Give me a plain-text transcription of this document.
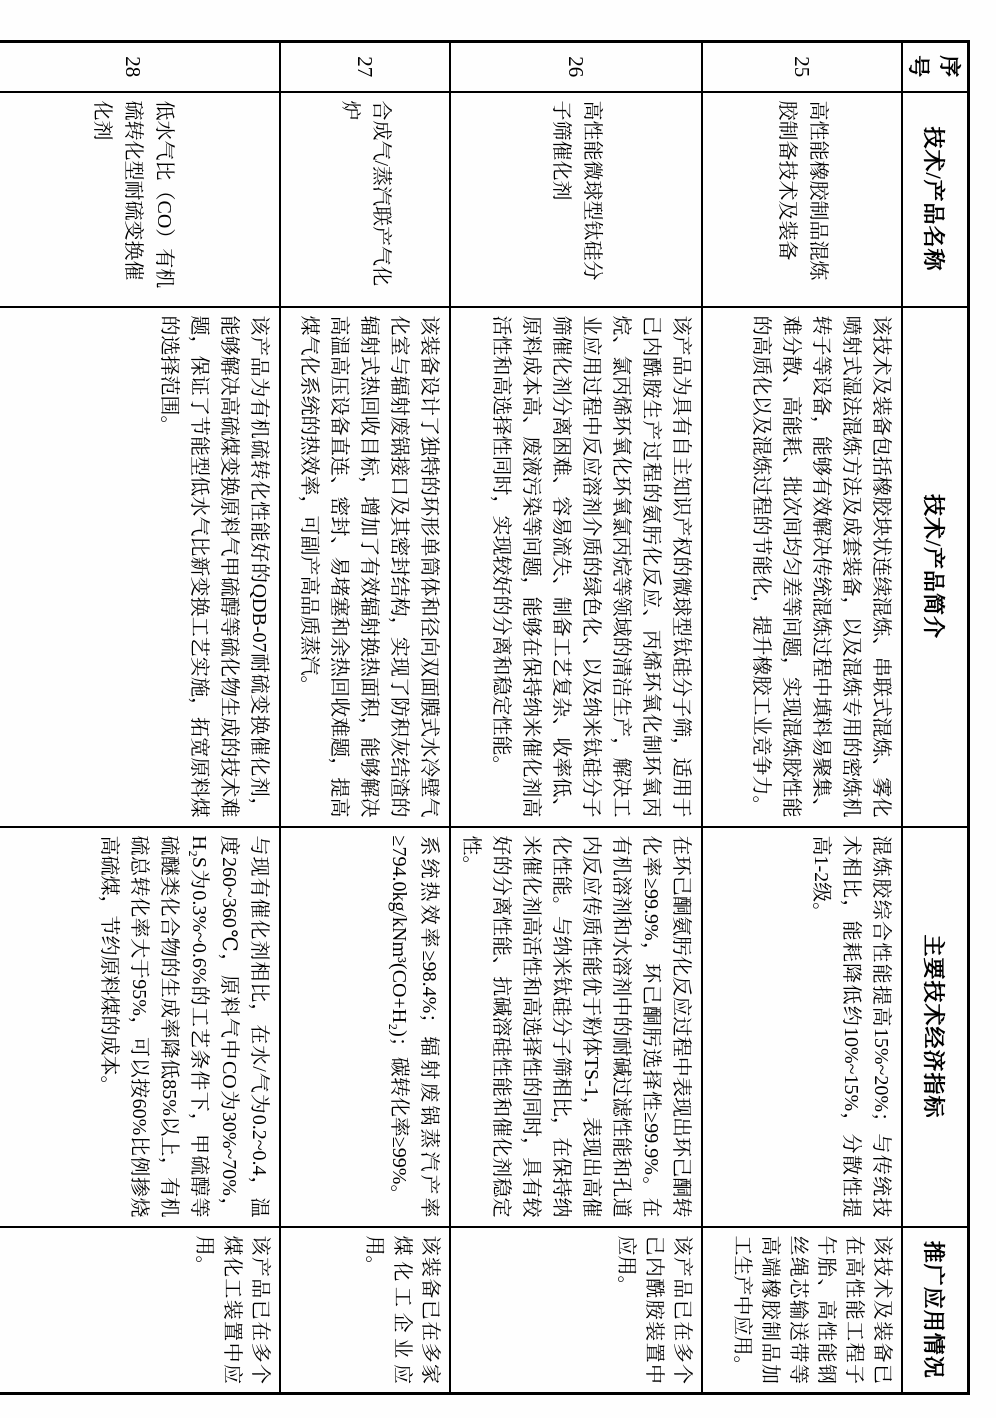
序号	技术/产品名称	技术/产品简介	主要技术经济指标	推广应用情况
25	高性能橡胶制品混炼胶制备技术及装备	该技术及装备包括橡胶块状连续混炼、串联式混炼、雾化喷射式湿法混炼方法及成套装备，以及混炼专用的密炼机转子等设备，能够有效解决传统混炼过程中填料易聚集、难分散、高能耗、批次间均匀差等问题，实现混炼胶性能的高质化以及混炼过程的节能化，提升橡胶工业竞争力。	混炼胶综合性能提高15%~20%；与传统技术相比，能耗降低约10%~15%，分散性提高1-2级。	该技术及装备已在高性能工程子午胎、高性能钢丝绳芯输送带等高端橡胶制品加工生产中应用。
26	高性能微球型钛硅分子筛催化剂	该产品为具有自主知识产权的微球型钛硅分子筛，适用于己内酰胺生产过程的氨肟化反应、丙烯环氧化制环氧丙烷、氯丙烯环氧化环氧氯丙烷等领域的清洁生产，解决工业应用过程中反应溶剂介质的绿色化、以及纳米钛硅分子筛催化剂分离困难、容易流失、制备工艺复杂、收率低、原料成本高、废液污染等问题，能够在保持纳米催化剂高活性和高选择性同时，实现较好的分离和稳定性能。	在环己酮氨肟化反应过程中表现出环己酮转化率≥99.9%，环己酮肟选择性≥99.9%。在有机溶剂和水溶剂中的耐碱过滤性能和孔道内反应传质性能优于粉体TS-1，表现出高催化性能。与纳米钛硅分子筛相比，在保持纳米催化剂高活性和高选择性的同时，具有较好的分离性能、抗碱溶硅性能和催化剂稳定性。	该产品已在多个己内酰胺装置中应用。
27	合成气/蒸汽联产气化炉	该装备设计了独特的环形单筒体和径向双面膜式水冷壁气化室与辐射废锅接口及其密封结构，实现了防积灰结渣的辐射式热回收目标，增加了有效辐射换热面积，能够解决高温高压设备直连、密封、易堵塞和余热回收难题，提高煤气化系统的热效率，可副产高品质蒸汽。	系统热效率≥98.4%；辐射废锅蒸汽产率≥794.0kg/kNm³(CO+H₂)；碳转化率≥99%。	该装备已在多家煤化工企业应用。
28	低水气比（CO）有机硫转化型耐硫变换催化剂	该产品为有机硫转化性能好的QDB-07耐硫变换催化剂，能够解决高硫煤变换原料气甲硫醇等硫化物生成的技术难题，保证了节能型低水气比新变换工艺实施，拓宽原料煤的选择范围。	与现有催化剂相比，在水/气为0.2~0.4，温度260~360℃，原料气中CO为30%~70%，H₂S为0.3%~0.6%的工艺条件下，甲硫醇等硫醚类化合物的生成率降低85%以上，有机硫总转化率大于95%，可以按60%比例掺烧高硫煤，节约原料煤的成本。	该产品已在多个煤化工装置中应用。
